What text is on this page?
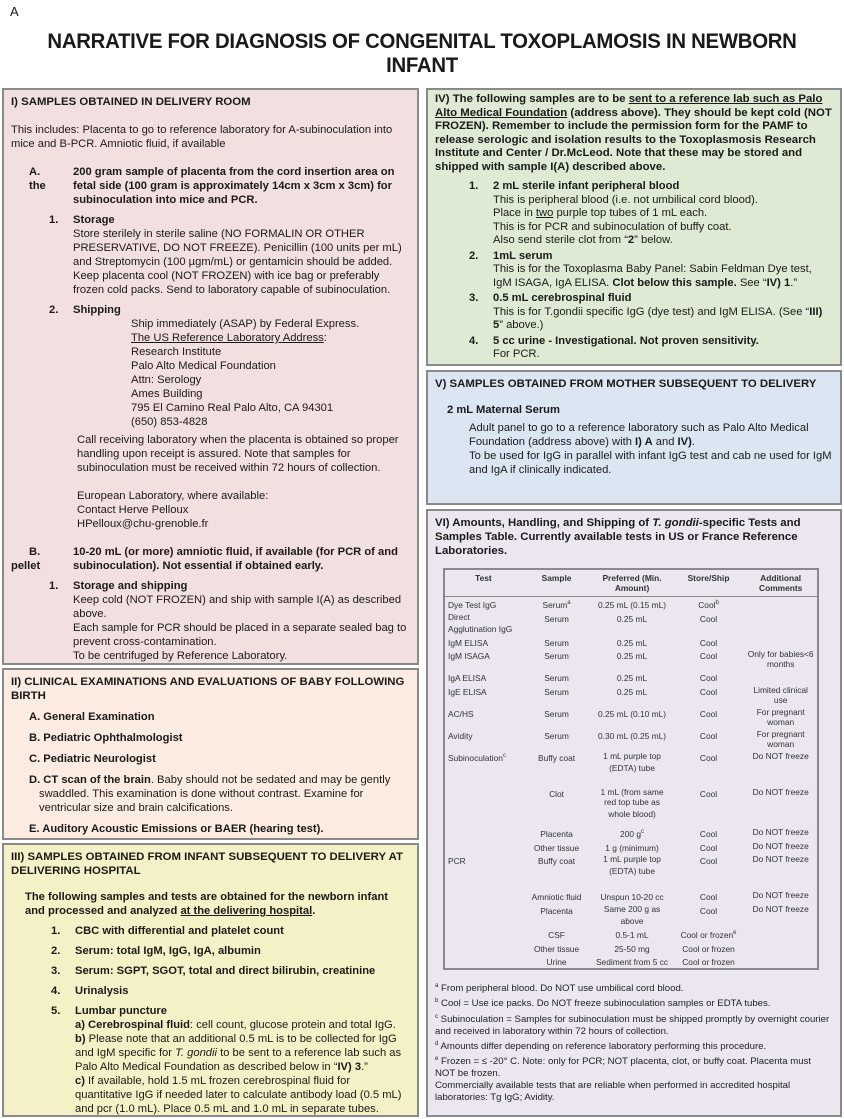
A
NARRATIVE FOR DIAGNOSIS OF CONGENITAL TOXOPLAMOSIS IN NEWBORN INFANT
I) SAMPLES OBTAINED IN DELIVERY ROOM
This includes: Placenta to go to reference laboratory for A-subinoculation into mice and B-PCR. Amniotic fluid, if available
A.
the
200 gram sample of placenta from the cord insertion area on fetal side (100 gram is approximately 14cm x 3cm x 3cm) for subinoculation into mice and PCR.
1.	Storage
Store sterilely in sterile saline (NO FORMALIN OR OTHER PRESERVATIVE, DO NOT FREEZE). Penicillin (100 units per mL) and Streptomycin (100 µgm/mL) or gentamicin should be added. Keep placenta cool (NOT FROZEN) with ice bag or preferably frozen cold packs. Send to laboratory capable of subinoculation.
2.	Shipping
Ship immediately (ASAP) by Federal Express.
The US Reference Laboratory Address:
Research Institute
Palo Alto Medical Foundation
Attn: Serology
Ames Building
795 El Camino Real Palo Alto, CA 94301
(650) 853-4828
Call receiving laboratory when the placenta is obtained so proper handling upon receipt is assured. Note that samples for subinoculation must be received within 72 hours of collection.
European Laboratory, where available:
Contact Herve Pelloux
HPelloux@chu-grenoble.fr
B.
pellet
10-20 mL (or more) amniotic fluid, if available (for PCR of and subinoculation). Not essential if obtained early.
1.	Storage and shipping
Keep cold (NOT FROZEN) and ship with sample I(A) as described above.
Each sample for PCR should be placed in a separate sealed bag to prevent cross-contamination.
To be centrifuged by Reference Laboratory.
II) CLINICAL EXAMINATIONS AND EVALUATIONS OF BABY FOLLOWING BIRTH
A. General Examination
B. Pediatric Ophthalmologist
C. Pediatric Neurologist
D. CT scan of the brain. Baby should not be sedated and may be gently swaddled. This examination is done without contrast. Examine for ventricular size and brain calcifications.
E. Auditory Acoustic Emissions or BAER (hearing test).
III) SAMPLES OBTAINED FROM INFANT SUBSEQUENT TO DELIVERY AT DELIVERING HOSPITAL
The following samples and tests are obtained for the newborn infant and processed and analyzed at the delivering hospital.
1.	CBC with differential and platelet count
2.	Serum: total IgM, IgG, IgA, albumin
3.	Serum: SGPT, SGOT, total and direct bilirubin, creatinine
4.	Urinalysis
5.	Lumbar puncture
a) Cerebrospinal fluid: cell count, glucose protein and total IgG.
b) Please note that an additional 0.5 mL is to be collected for IgG and IgM specific for T. gondii to be sent to a reference lab such as Palo Alto Medical Foundation as described below in “IV) 3.”
c) If available, hold 1.5 mL frozen cerebrospinal fluid for quantitative IgG if needed later to calculate antibody load (0.5 mL) and pcr (1.0 mL). Place 0.5 mL and 1.0 mL in separate tubes.
IV) The following samples are to be sent to a reference lab such as Palo Alto Medical Foundation (address above). They should be kept cold (NOT FROZEN). Remember to include the permission form for the PAMF to release serologic and isolation results to the Toxoplasmosis Research Institute and Center / Dr.McLeod. Note that these may be stored and shipped with sample I(A) described above.
1.	2 mL sterile infant peripheral blood
This is peripheral blood (i.e. not umbilical cord blood).
Place in two purple top tubes of 1 mL each.
This is for PCR and subinoculation of buffy coat.
Also send sterile clot from “2” below.
2.	1mL serum
This is for the Toxoplasma Baby Panel: Sabin Feldman Dye test, IgM ISAGA, IgA ELISA. Clot below this sample. See “IV) 1.”
3.	0.5 mL cerebrospinal fluid
This is for T.gondii specific IgG (dye test) and IgM ELISA. (See “III) 5” above.)
4.	5 cc urine - Investigational. Not proven sensitivity.
For PCR.
V) SAMPLES OBTAINED FROM MOTHER SUBSEQUENT TO DELIVERY
2 mL Maternal Serum
Adult panel to go to a reference laboratory such as Palo Alto Medical Foundation (address above) with I) A and IV).
To be used for IgG in parallel with infant IgG test and cab ne used for IgM and IgA if clinically indicated.
VI) Amounts, Handling, and Shipping of T. gondii-specific Tests and Samples Table. Currently available tests in US or France Reference Laboratories.
Test	Sample	Preferred (Min. Amount)	Store/Ship	Additional Comments
Dye Test IgG	Serum$^a$	0.25 mL (0.15 mL)	Cool$^b$	
Direct Agglutination IgG	Serum	0.25 mL	Cool	
IgM ELISA	Serum	0.25 mL	Cool	
IgM ISAGA	Serum	0.25 mL	Cool	Only for babies<6 months
IgA ELISA	Serum	0.25 mL	Cool	
IgE ELISA	Serum	0.25 mL	Cool	Limited clinical use
AC/HS	Serum	0.25 mL (0.10 mL)	Cool	For pregnant woman
Avidity	Serum	0.30 mL (0.25 mL)	Cool	For pregnant woman
Subinoculation$^c$	Buffy coat	1 mL purple top (EDTA) tube	Cool	Do NOT freeze

	Clot	1 mL (from same red top tube as whole blood)	Cool	Do NOT freeze

	Placenta	200 $g^c$	Cool	Do NOT freeze
	Other tissue	1 g (minimum)	Cool	Do NOT freeze
PCR	Buffy coat	1 mL purple top (EDTA) tube	Cool	Do NOT freeze

	Amniotic fluid	Unspun 10-20 cc	Cool	Do NOT freeze
	Placenta	Same 200 g as above	Cool	Do NOT freeze
	CSF	0.5-1 mL	Cool or frozen$^e$	
	Other tissue	25-50 mg	Cool or frozen	
	Urine	Sediment from 5 cc	Cool or frozen	
$^a$ From peripheral blood. Do NOT use umbilical cord blood.
$^b$ Cool = Use ice packs. Do NOT freeze subinoculation samples or EDTA tubes.
$^c$ Subinoculation = Samples for subinoculation must be shipped promptly by overnight courier and received in laboratory within 72 hours of collection.
$^d$ Amounts differ depending on reference laboratory performing this procedure.
$^e$ Frozen = ≤ -20° C. Note: only for PCR; NOT placenta, clot, or buffy coat. Placenta must NOT be frozen.
Commercially available tests that are reliable when performed in accredited hospital laboratories: Tg IgG; Avidity.
